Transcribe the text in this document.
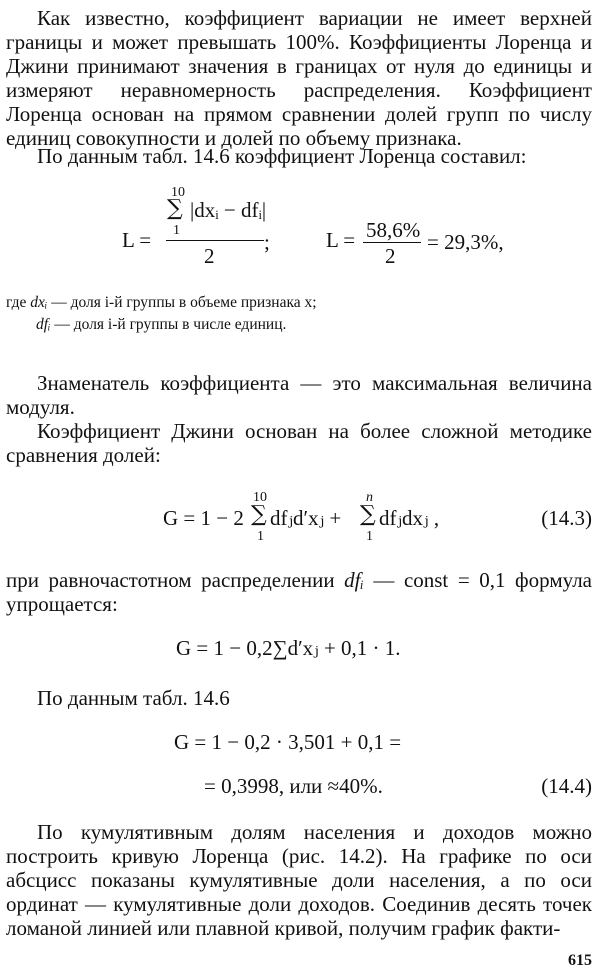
Как известно, коэффициент вариации не имеет верхней границы и может превышать 100%. Коэффициенты Лоренца и Джини принимают значения в границах от нуля до единицы и измеряют неравномерность распределения. Коэффициент Лоренца основан на прямом сравнении долей групп по числу единиц совокупности и долей по объему признака.

По данным табл. 14.6 коэффициент Лоренца составил:

10
∑ |dxᵢ − dfᵢ|
1
L =
2
;	L = 58,6%
2
= 29,3%,

где dxᵢ — доля i-й группы в объеме признака x;

dfᵢ — доля i-й группы в числе единиц.

Знаменатель коэффициента — это максимальная величина модуля.

Коэффициент Джини основан на более сложной методике сравнения долей:

G = 1 − 2
10
∑
1
dfⱼd′xⱼ +
n
∑
1
dfⱼdxⱼ ,	(14.3)

при равночастотном распределении dfᵢ — const = 0,1 формула упрощается:

G = 1 − 0,2∑d′xⱼ + 0,1 · 1.

По данным табл. 14.6

G = 1 − 0,2 · 3,501 + 0,1 =
= 0,3998, или ≈40%.	(14.4)

По кумулятивным долям населения и доходов можно построить кривую Лоренца (рис. 14.2). На графике по оси абсцисс показаны кумулятивные доли населения, а по оси ординат — кумулятивные доли доходов. Соединив десять точек ломаной линией или плавной кривой, получим график факти-

615
